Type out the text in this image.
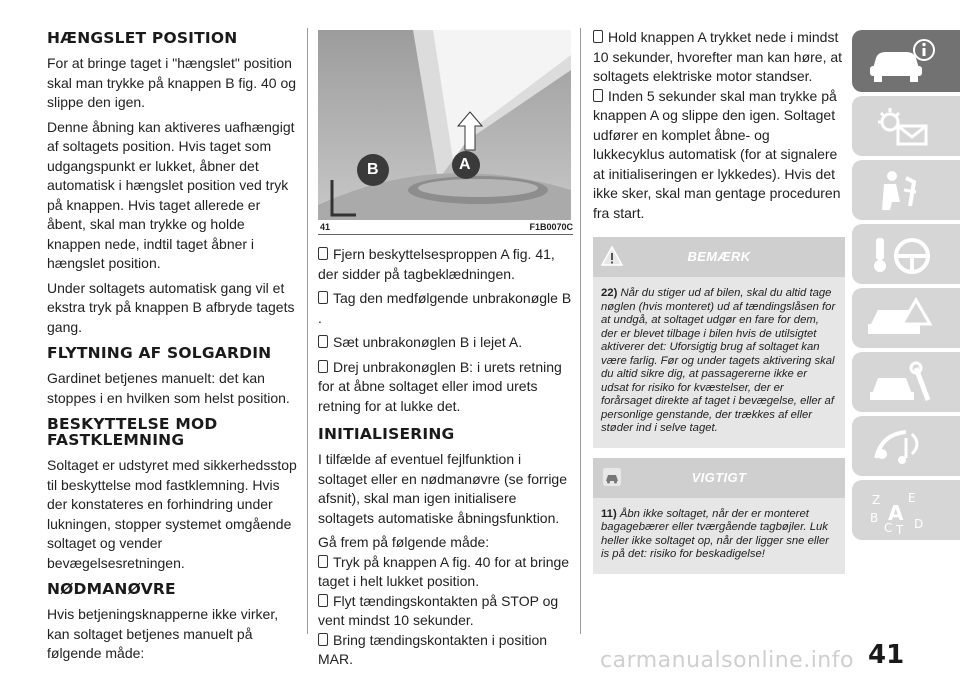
HÆNGSLET POSITION

For at bringe taget i "hængslet" position skal man trykke på knappen B fig. 40 og slippe den igen.

Denne åbning kan aktiveres uafhængigt af soltagets position. Hvis taget som udgangspunkt er lukket, åbner det automatisk i hængslet position ved tryk på knappen. Hvis taget allerede er åbent, skal man trykke og holde knappen nede, indtil taget åbner i hængslet position.

Under soltagets automatisk gang vil et ekstra tryk på knappen B afbryde tagets gang.

FLYTNING AF SOLGARDIN

Gardinet betjenes manuelt: det kan stoppes i en hvilken som helst position.

BESKYTTELSE MOD FASTKLEMNING

Soltaget er udstyret med sikkerhedsstop til beskyttelse mod fastklemning. Hvis der konstateres en forhindring under lukningen, stopper systemet omgående soltaget og vender bevægelsesretningen.

NØDMANØVRE

Hvis betjeningsknapperne ikke virker, kan soltaget betjenes manuelt på følgende måde:

A
B
41	F1B0070C

Fjern beskyttelsesproppen A fig. 41, der sidder på tagbeklædningen.

Tag den medfølgende unbrakonøgle B .

Sæt unbrakonøglen B i lejet A.

Drej unbrakonøglen B: i urets retning for at åbne soltaget eller imod urets retning for at lukke det.

INITIALISERING

I tilfælde af eventuel fejlfunktion i soltaget eller en nødmanøvre (se forrige afsnit), skal man igen initialisere soltagets automatiske åbningsfunktion.

Gå frem på følgende måde:

Tryk på knappen A fig. 40 for at bringe taget i helt lukket position.

Flyt tændingskontakten på STOP og vent mindst 10 sekunder.

Bring tændingskontakten i position MAR.

Hold knappen A trykket nede i mindst 10 sekunder, hvorefter man kan høre, at soltagets elektriske motor standser.

Inden 5 sekunder skal man trykke på knappen A og slippe den igen. Soltaget udfører en komplet åbne- og lukkecyklus automatisk (for at signalere at initialiseringen er lykkedes). Hvis det ikke sker, skal man gentage proceduren fra start.

BEMÆRK
22) Når du stiger ud af bilen, skal du altid tage nøglen (hvis monteret) ud af tændingslåsen for at undgå, at soltaget udgør en fare for dem, der er blevet tilbage i bilen hvis de utilsigtet aktiverer det: Uforsigtig brug af soltaget kan være farlig. Før og under tagets aktivering skal du altid sikre dig, at passagererne ikke er udsat for risiko for kvæstelser, der er forårsaget direkte af taget i bevægelse, eller af personlige genstande, der trækkes af eller støder ind i selve taget.
VIGTIGT
11) Åbn ikke soltaget, når der er monteret bagagebærer eller tværgående tagbøjler. Luk heller ikke soltaget op, når der ligger sne eller is på det: risiko for beskadigelse!
Z E
B A
C T D
41
carmanualsonline.info
